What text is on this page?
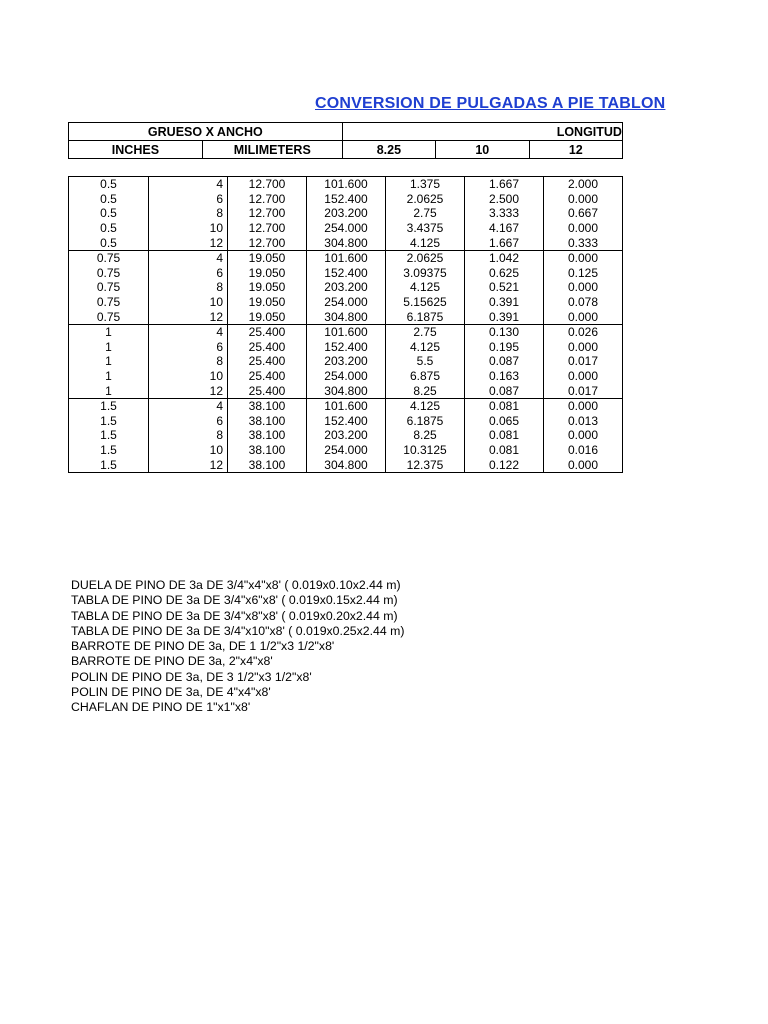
CONVERSION DE PULGADAS A PIE TABLON
GRUESO X ANCHO		LONGITUD		
INCHES	MILIMETERS	8.25	10	12
0.5	4	12.700	101.600	1.375	1.667	2.000
0.5	6	12.700	152.400	2.0625	2.500	0.000
0.5	8	12.700	203.200	2.75	3.333	0.667
0.5	10	12.700	254.000	3.4375	4.167	0.000
0.5	12	12.700	304.800	4.125	1.667	0.333
0.75	4	19.050	101.600	2.0625	1.042	0.000
0.75	6	19.050	152.400	3.09375	0.625	0.125
0.75	8	19.050	203.200	4.125	0.521	0.000
0.75	10	19.050	254.000	5.15625	0.391	0.078
0.75	12	19.050	304.800	6.1875	0.391	0.000
1	4	25.400	101.600	2.75	0.130	0.026
1	6	25.400	152.400	4.125	0.195	0.000
1	8	25.400	203.200	5.5	0.087	0.017
1	10	25.400	254.000	6.875	0.163	0.000
1	12	25.400	304.800	8.25	0.087	0.017
1.5	4	38.100	101.600	4.125	0.081	0.000
1.5	6	38.100	152.400	6.1875	0.065	0.013
1.5	8	38.100	203.200	8.25	0.081	0.000
1.5	10	38.100	254.000	10.3125	0.081	0.016
1.5	12	38.100	304.800	12.375	0.122	0.000
DUELA DE PINO DE 3a DE 3/4"x4"x8' ( 0.019x0.10x2.44 m)
TABLA DE PINO DE 3a DE 3/4"x6"x8' ( 0.019x0.15x2.44 m)
TABLA DE PINO DE 3a DE 3/4"x8"x8' ( 0.019x0.20x2.44 m)
TABLA DE PINO DE 3a DE 3/4"x10"x8' ( 0.019x0.25x2.44 m)
BARROTE DE PINO DE 3a, DE 1 1/2"x3 1/2"x8'
BARROTE DE PINO DE 3a, 2"x4"x8'
POLIN DE PINO DE 3a, DE 3 1/2"x3 1/2"x8'
POLIN DE PINO DE 3a, DE 4"x4"x8'
CHAFLAN DE PINO DE 1"x1"x8'
